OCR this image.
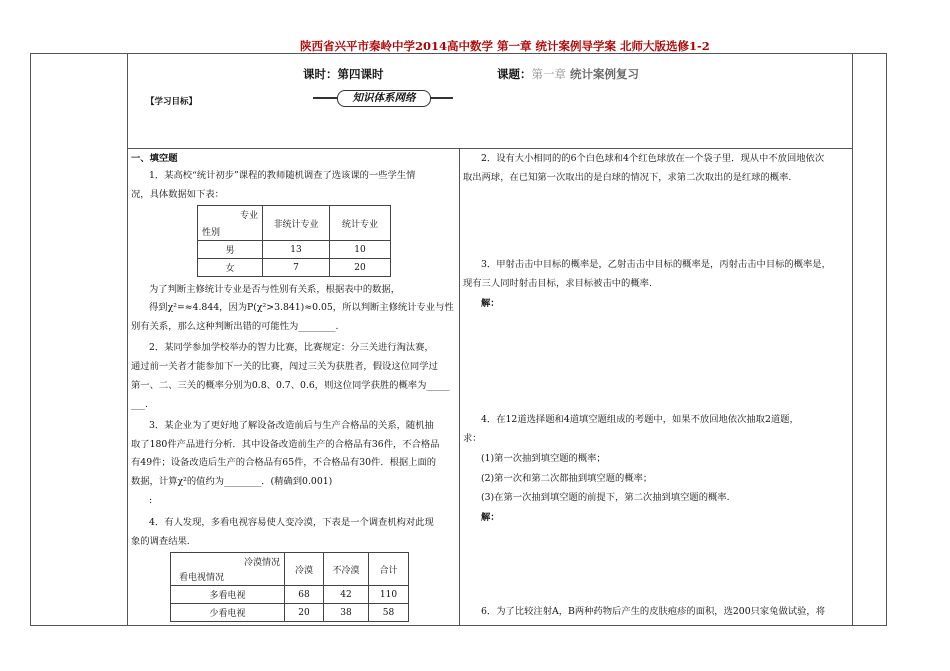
陕西省兴平市秦岭中学2014高中数学 第一章 统计案例导学案 北师大版选修1-2
课时：第四课时	课题：第一章 统计案例复习
知识体系网络
【学习目标】
一、填空题
1．某高校“统计初步”课程的教师随机调查了选该课的一些学生情
况，具体数据如下表：
专业
性别	非统计专业	统计专业
男	13	10
女	7	20
为了判断主修统计专业是否与性别有关系，根据表中的数据，
得到χ²=≈4.844，因为P(χ²>3.841)≈0.05，所以判断主修统计专业与性
别有关系，那么这种判断出错的可能性为________.
2．某同学参加学校举办的智力比赛，比赛规定：分三关进行淘汰赛，
通过前一关者才能参加下一关的比赛，闯过三关为获胜者，假设这位同学过
第一、二、三关的概率分别为0.8、0.7、0.6，则这位同学获胜的概率为_____
___.
3．某企业为了更好地了解设备改造前后与生产合格品的关系，随机抽
取了180件产品进行分析．其中设备改造前生产的合格品有36件，不合格品
有49件；设备改造后生产的合格品有65件，不合格品有30件．根据上面的
数据，计算χ²的值约为________．(精确到0.001)
:
4．有人发现，多看电视容易使人变冷漠，下表是一个调查机构对此现
象的调查结果.
冷漠情况
看电视情况	冷漠	不冷漠	合计
多看电视	68	42	110
少看电视	20	38	58
2．设有大小相同的的6个白色球和4个红色球放在一个袋子里．现从中不放回地依次
取出两球，在已知第一次取出的是白球的情况下，求第二次取出的是红球的概率.
3．甲射击击中目标的概率是，乙射击击中目标的概率是，丙射击击中目标的概率是，
现有三人同时射击目标，求目标被击中的概率.
解：
4．在12道选择题和4道填空题组成的考题中，如果不放回地依次抽取2道题，
求：
(1)第一次抽到填空题的概率；
(2)第一次和第二次都抽到填空题的概率；
(3)在第一次抽到填空题的前提下，第二次抽到填空题的概率.
解：
6．为了比较注射A，B两种药物后产生的皮肤疱疹的面积，选200只家兔做试验，将
